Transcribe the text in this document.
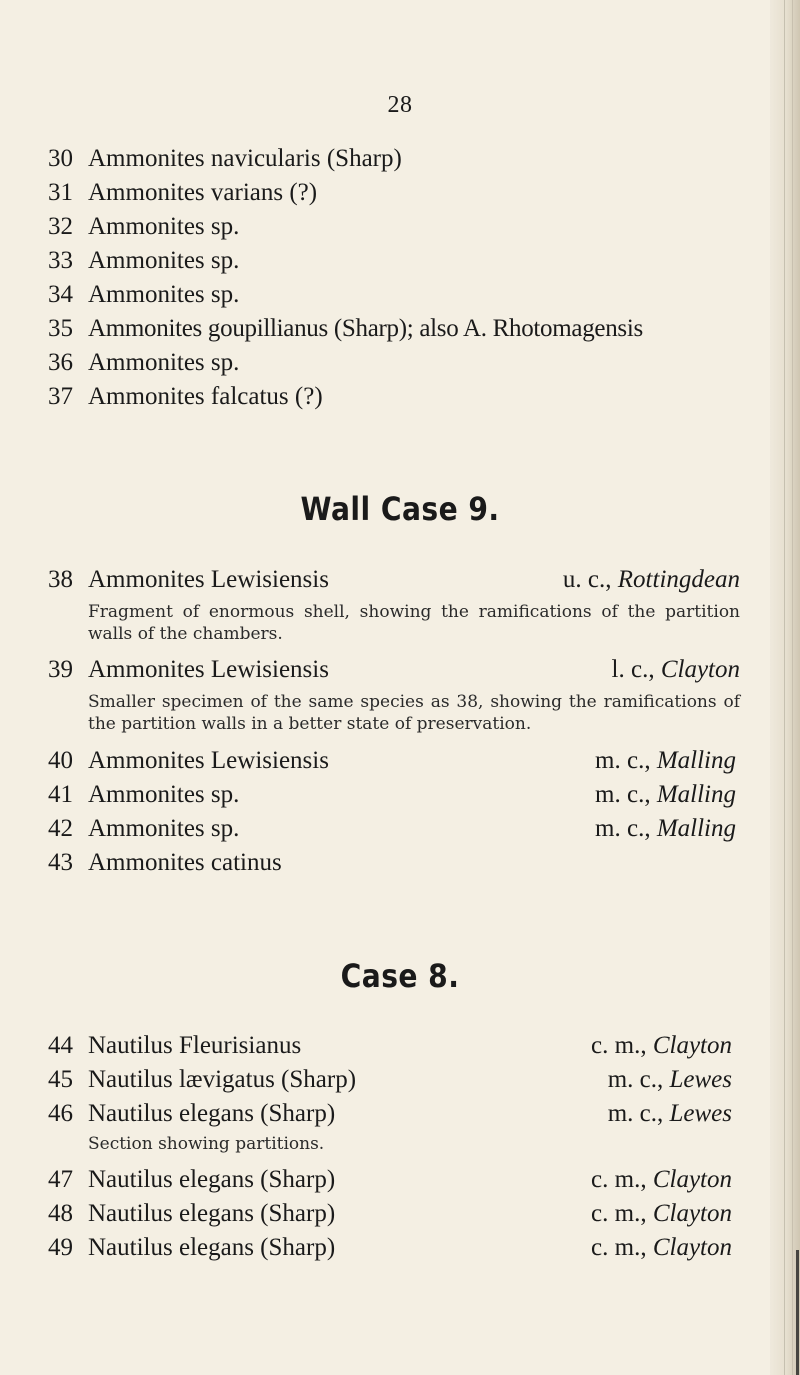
28
30 Ammonites navicularis (Sharp)
31 Ammonites varians (?)
32 Ammonites sp.
33 Ammonites sp.
34 Ammonites sp.
35 Ammonites goupillianus (Sharp); also A. Rhotomagensis
36 Ammonites sp.
37 Ammonites falcatus (?)
Wall Case 9.
38 Ammonites Lewisiensis	u. c., Rottingdean
Fragment of enormous shell, showing the ramifications of the partition walls of the chambers.
39 Ammonites Lewisiensis	l. c., Clayton
Smaller specimen of the same species as 38, showing the ramifications of the partition walls in a better state of preservation.
40 Ammonites Lewisiensis	m. c., Malling
41 Ammonites sp.	m. c., Malling
42 Ammonites sp.	m. c., Malling
43 Ammonites catinus
Case 8.
44 Nautilus Fleurisianus	c. m., Clayton
45 Nautilus lævigatus (Sharp)	m. c., Lewes
46 Nautilus elegans (Sharp)	m. c., Lewes
Section showing partitions.
47 Nautilus elegans (Sharp)	c. m., Clayton
48 Nautilus elegans (Sharp)	c. m., Clayton
49 Nautilus elegans (Sharp)	c. m., Clayton
